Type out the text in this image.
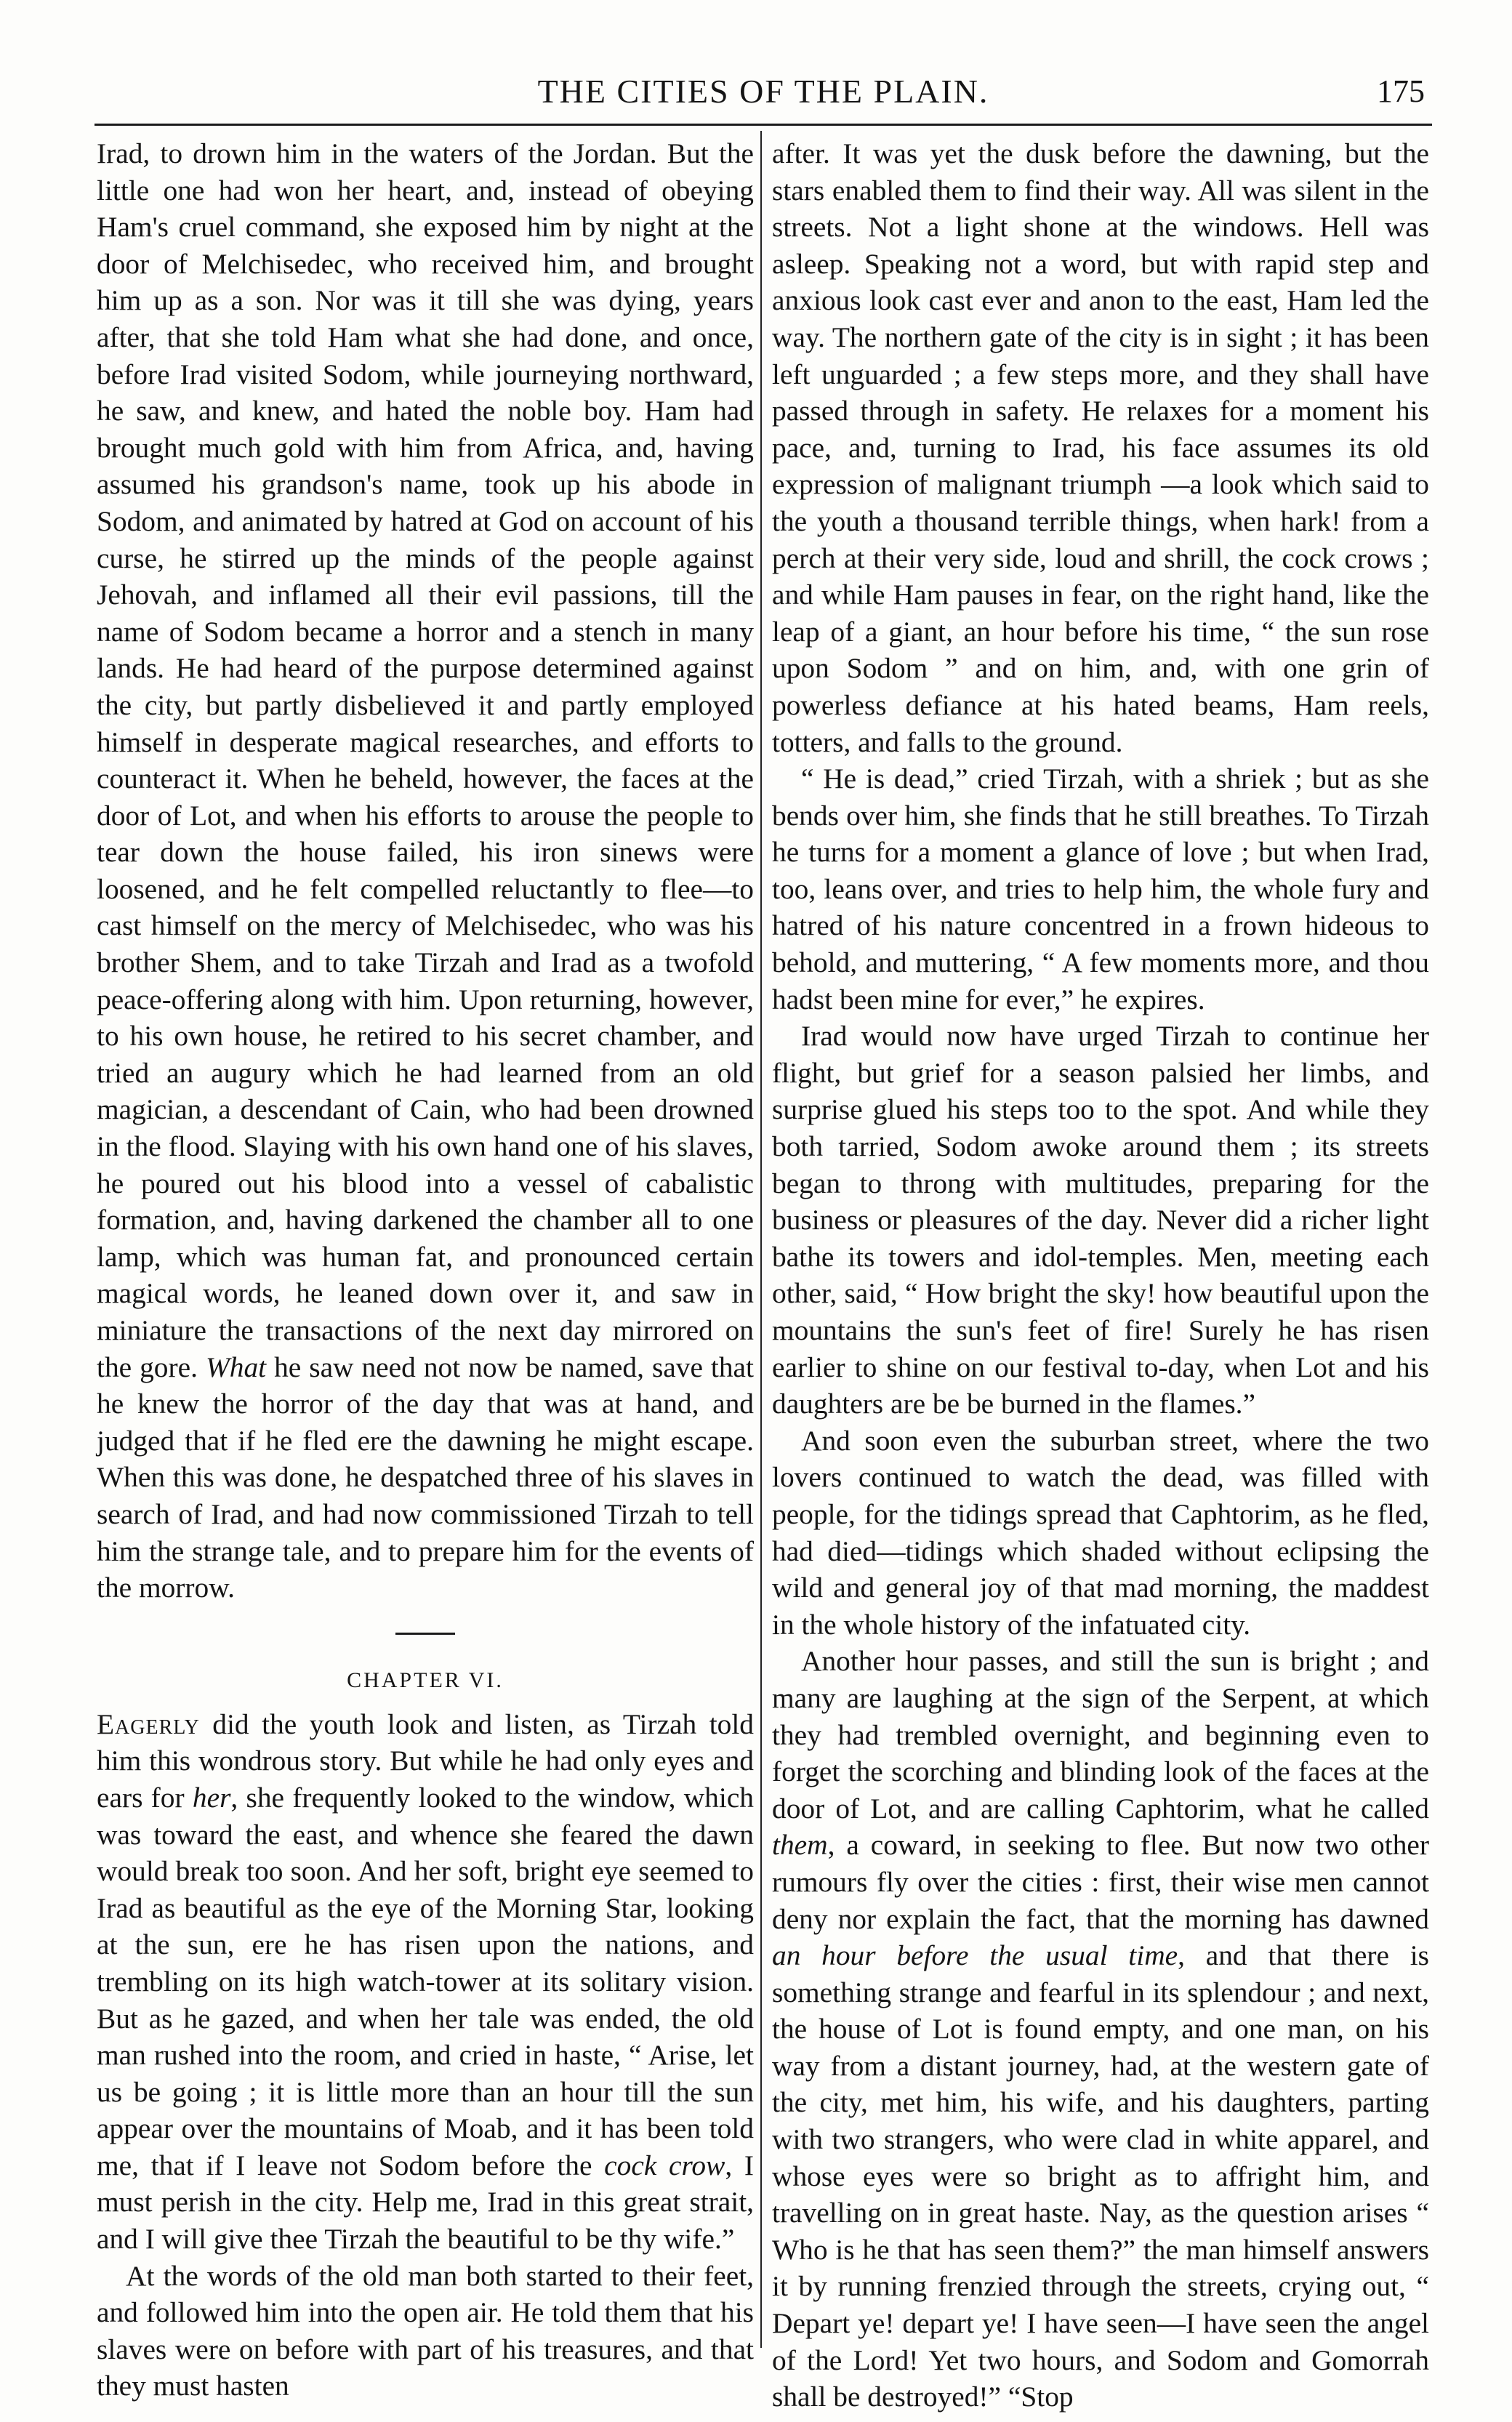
THE CITIES OF THE PLAIN.	175

Irad, to drown him in the waters of the Jordan. But the little one had won her heart, and, instead of obeying Ham's cruel command, she exposed him by night at the door of Melchisedec, who received him, and brought him up as a son. Nor was it till she was dying, years after, that she told Ham what she had done, and once, before Irad visited Sodom, while journeying northward, he saw, and knew, and hated the noble boy. Ham had brought much gold with him from Africa, and, having assumed his grandson's name, took up his abode in Sodom, and animated by hatred at God on account of his curse, he stirred up the minds of the people against Jehovah, and inflamed all their evil passions, till the name of Sodom became a horror and a stench in many lands. He had heard of the purpose determined against the city, but partly disbelieved it and partly employed himself in desperate magical researches, and efforts to counteract it. When he beheld, however, the faces at the door of Lot, and when his efforts to arouse the people to tear down the house failed, his iron sinews were loosened, and he felt compelled reluctantly to flee—to cast himself on the mercy of Melchisedec, who was his brother Shem, and to take Tirzah and Irad as a twofold peace-offering along with him. Upon returning, however, to his own house, he retired to his secret chamber, and tried an augury which he had learned from an old magician, a descendant of Cain, who had been drowned in the flood. Slaying with his own hand one of his slaves, he poured out his blood into a vessel of cabalistic formation, and, having darkened the chamber all to one lamp, which was human fat, and pronounced certain magical words, he leaned down over it, and saw in miniature the transactions of the next day mirrored on the gore. What he saw need not now be named, save that he knew the horror of the day that was at hand, and judged that if he fled ere the dawning he might escape. When this was done, he despatched three of his slaves in search of Irad, and had now commissioned Tirzah to tell him the strange tale, and to prepare him for the events of the morrow.

CHAPTER VI.

Eagerly did the youth look and listen, as Tirzah told him this wondrous story. But while he had only eyes and ears for her, she frequently looked to the window, which was toward the east, and whence she feared the dawn would break too soon. And her soft, bright eye seemed to Irad as beautiful as the eye of the Morning Star, looking at the sun, ere he has risen upon the nations, and trembling on its high watch-tower at its solitary vision. But as he gazed, and when her tale was ended, the old man rushed into the room, and cried in haste, “ Arise, let us be going ; it is little more than an hour till the sun appear over the mountains of Moab, and it has been told me, that if I leave not Sodom before the cock crow, I must perish in the city. Help me, Irad in this great strait, and I will give thee Tirzah the beautiful to be thy wife.”

At the words of the old man both started to their feet, and followed him into the open air. He told them that his slaves were on before with part of his treasures, and that they must hasten

after. It was yet the dusk before the dawning, but the stars enabled them to find their way. All was silent in the streets. Not a light shone at the windows. Hell was asleep. Speaking not a word, but with rapid step and anxious look cast ever and anon to the east, Ham led the way. The northern gate of the city is in sight ; it has been left unguarded ; a few steps more, and they shall have passed through in safety. He relaxes for a moment his pace, and, turning to Irad, his face assumes its old expression of malignant triumph —a look which said to the youth a thousand terrible things, when hark! from a perch at their very side, loud and shrill, the cock crows ; and while Ham pauses in fear, on the right hand, like the leap of a giant, an hour before his time, “ the sun rose upon Sodom ” and on him, and, with one grin of powerless defiance at his hated beams, Ham reels, totters, and falls to the ground.

“ He is dead,” cried Tirzah, with a shriek ; but as she bends over him, she finds that he still breathes. To Tirzah he turns for a moment a glance of love ; but when Irad, too, leans over, and tries to help him, the whole fury and hatred of his nature concentred in a frown hideous to behold, and muttering, “ A few moments more, and thou hadst been mine for ever,” he expires.

Irad would now have urged Tirzah to continue her flight, but grief for a season palsied her limbs, and surprise glued his steps too to the spot. And while they both tarried, Sodom awoke around them ; its streets began to throng with multitudes, preparing for the business or pleasures of the day. Never did a richer light bathe its towers and idol-temples. Men, meeting each other, said, “ How bright the sky! how beautiful upon the mountains the sun's feet of fire! Surely he has risen earlier to shine on our festival to-day, when Lot and his daughters are be be burned in the flames.”

And soon even the suburban street, where the two lovers continued to watch the dead, was filled with people, for the tidings spread that Caphtorim, as he fled, had died—tidings which shaded without eclipsing the wild and general joy of that mad morning, the maddest in the whole history of the infatuated city.

Another hour passes, and still the sun is bright ; and many are laughing at the sign of the Serpent, at which they had trembled overnight, and beginning even to forget the scorching and blinding look of the faces at the door of Lot, and are calling Caphtorim, what he called them, a coward, in seeking to flee. But now two other rumours fly over the cities : first, their wise men cannot deny nor explain the fact, that the morning has dawned an hour before the usual time, and that there is something strange and fearful in its splendour ; and next, the house of Lot is found empty, and one man, on his way from a distant journey, had, at the western gate of the city, met him, his wife, and his daughters, parting with two strangers, who were clad in white apparel, and whose eyes were so bright as to affright him, and travelling on in great haste. Nay, as the question arises “ Who is he that has seen them?” the man himself answers it by running frenzied through the streets, crying out, “ Depart ye! depart ye! I have seen—I have seen the angel of the Lord! Yet two hours, and Sodom and Gomorrah shall be destroyed!” “Stop
